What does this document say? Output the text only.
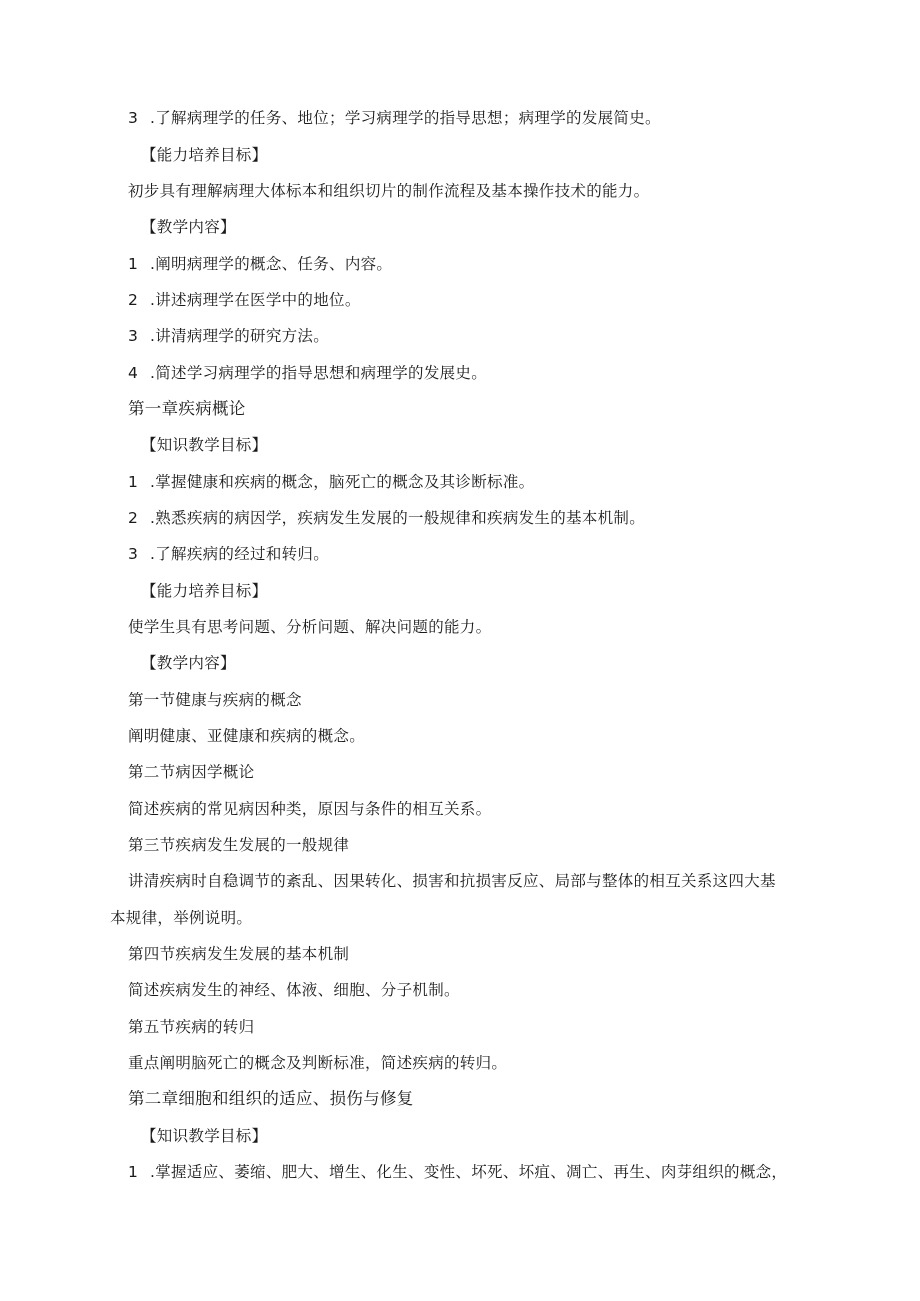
3 .了解病理学的任务、地位；学习病理学的指导思想；病理学的发展简史。
【能力培养目标】
初步具有理解病理大体标本和组织切片的制作流程及基本操作技术的能力。
【教学内容】
1 .阐明病理学的概念、任务、内容。
2 .讲述病理学在医学中的地位。
3 .讲清病理学的研究方法。
4 .简述学习病理学的指导思想和病理学的发展史。
第一章疾病概论
【知识教学目标】
1 .掌握健康和疾病的概念，脑死亡的概念及其诊断标准。
2 .熟悉疾病的病因学，疾病发生发展的一般规律和疾病发生的基本机制。
3 .了解疾病的经过和转归。
【能力培养目标】
使学生具有思考问题、分析问题、解决问题的能力。
【教学内容】
第一节健康与疾病的概念
阐明健康、亚健康和疾病的概念。
第二节病因学概论
简述疾病的常见病因种类，原因与条件的相互关系。
第三节疾病发生发展的一般规律
讲清疾病时自稳调节的紊乱、因果转化、损害和抗损害反应、局部与整体的相互关系这四大基
本规律，举例说明。
第四节疾病发生发展的基本机制
简述疾病发生的神经、体液、细胞、分子机制。
第五节疾病的转归
重点阐明脑死亡的概念及判断标准，简述疾病的转归。
第二章细胞和组织的适应、损伤与修复
【知识教学目标】
1 .掌握适应、萎缩、肥大、增生、化生、变性、坏死、坏疽、凋亡、再生、肉芽组织的概念，
